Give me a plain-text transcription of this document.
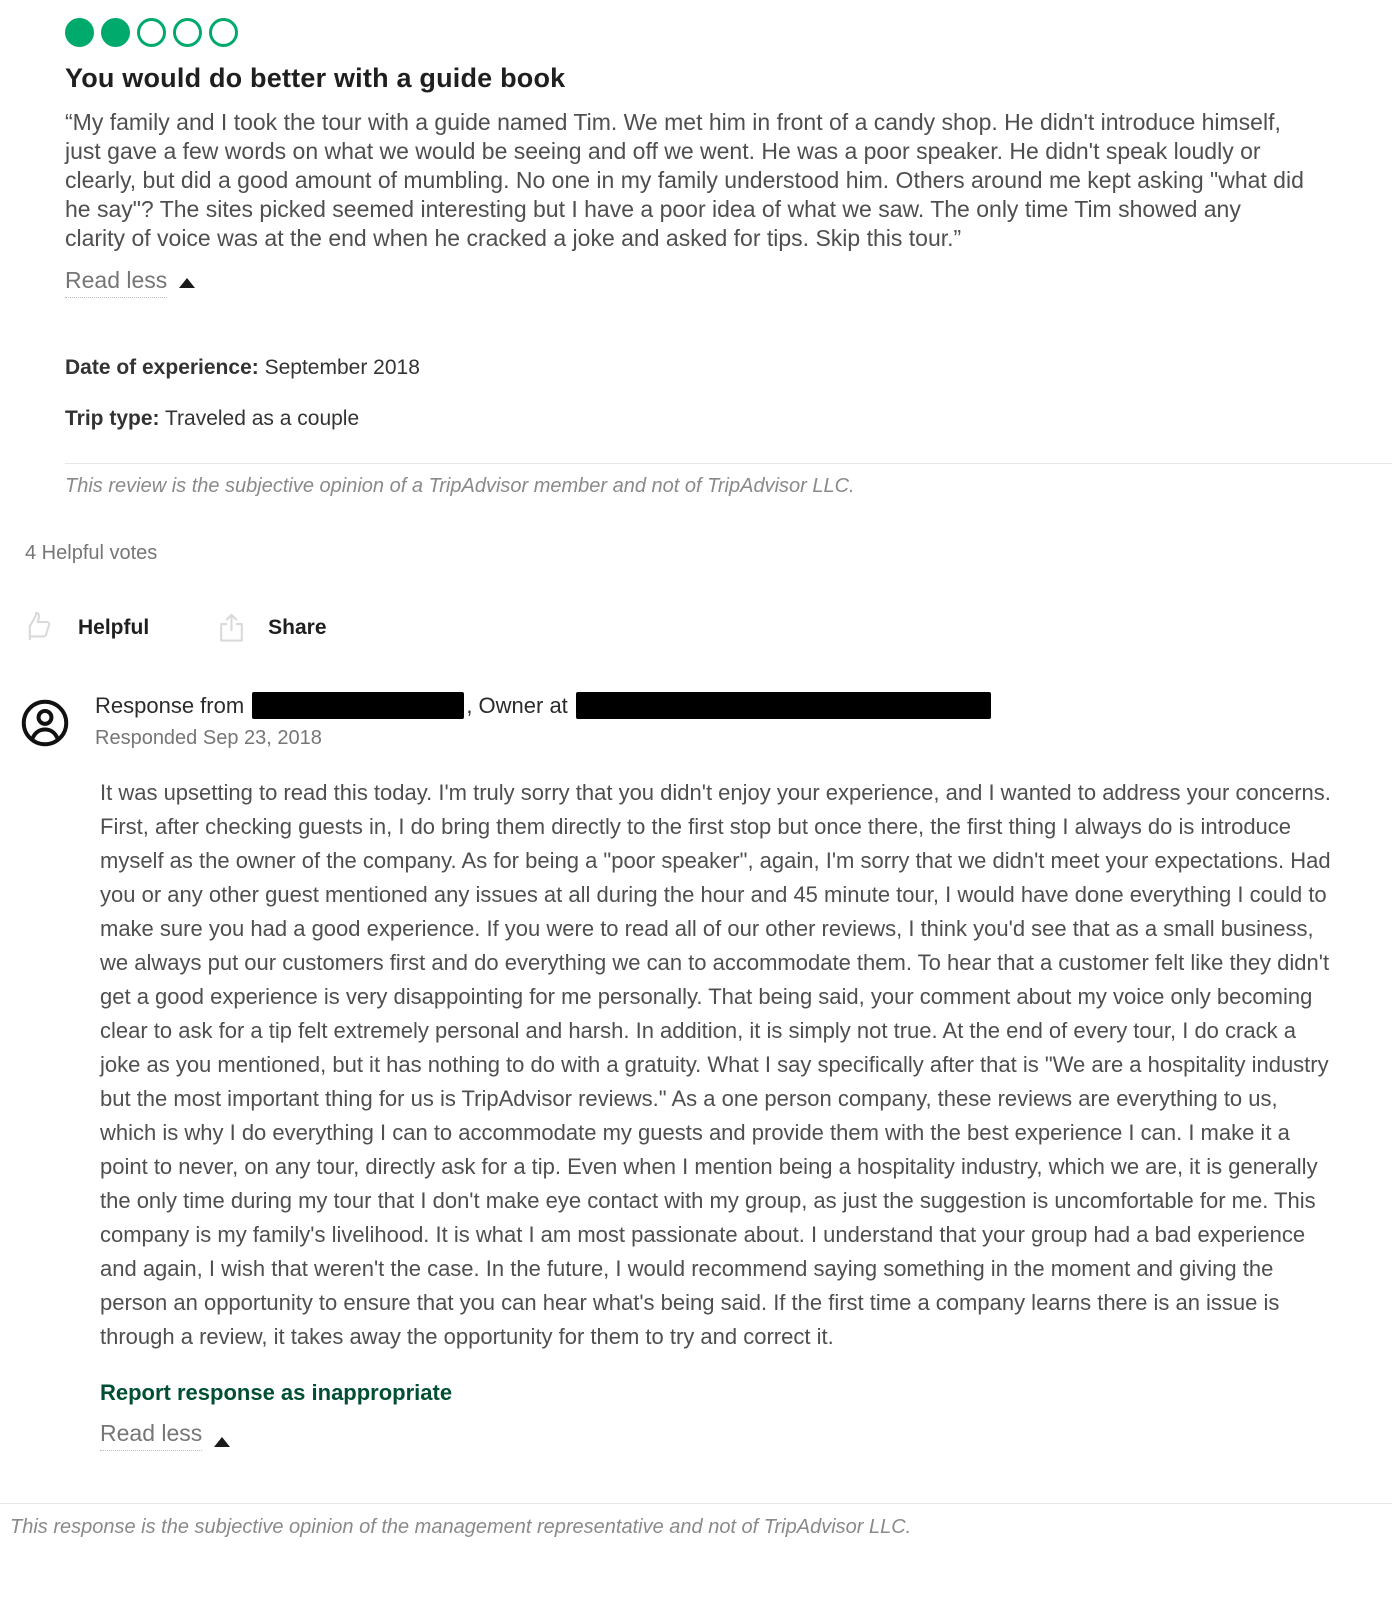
You would do better with a guide book

“My family and I took the tour with a guide named Tim. We met him in front of a candy shop. He didn't introduce himself, just gave a few words on what we would be seeing and off we went. He was a poor speaker. He didn't speak loudly or clearly, but did a good amount of mumbling. No one in my family understood him. Others around me kept asking "what did he say"? The sites picked seemed interesting but I have a poor idea of what we saw. The only time Tim showed any clarity of voice was at the end when he cracked a joke and asked for tips. Skip this tour.”

Read less

Date of experience: September 2018

Trip type: Traveled as a couple

This review is the subjective opinion of a TripAdvisor member and not of TripAdvisor LLC.

4 Helpful votes
Helpful	Share
Response from
	, Owner at

Responded Sep 23, 2018

It was upsetting to read this today. I'm truly sorry that you didn't enjoy your experience, and I wanted to address your concerns. First, after checking guests in, I do bring them directly to the first stop but once there, the first thing I always do is introduce myself as the owner of the company. As for being a "poor speaker", again, I'm sorry that we didn't meet your expectations. Had you or any other guest mentioned any issues at all during the hour and 45 minute tour, I would have done everything I could to make sure you had a good experience. If you were to read all of our other reviews, I think you'd see that as a small business, we always put our customers first and do everything we can to accommodate them. To hear that a customer felt like they didn't get a good experience is very disappointing for me personally. That being said, your comment about my voice only becoming clear to ask for a tip felt extremely personal and harsh. In addition, it is simply not true. At the end of every tour, I do crack a joke as you mentioned, but it has nothing to do with a gratuity. What I say specifically after that is "We are a hospitality industry but the most important thing for us is TripAdvisor reviews." As a one person company, these reviews are everything to us, which is why I do everything I can to accommodate my guests and provide them with the best experience I can. I make it a point to never, on any tour, directly ask for a tip. Even when I mention being a hospitality industry, which we are, it is generally the only time during my tour that I don't make eye contact with my group, as just the suggestion is uncomfortable for me. This company is my family's livelihood. It is what I am most passionate about. I understand that your group had a bad experience and again, I wish that weren't the case. In the future, I would recommend saying something in the moment and giving the person an opportunity to ensure that you can hear what's being said. If the first time a company learns there is an issue is through a review, it takes away the opportunity for them to try and correct it.

Report response as inappropriate
Read less

This response is the subjective opinion of the management representative and not of TripAdvisor LLC.
